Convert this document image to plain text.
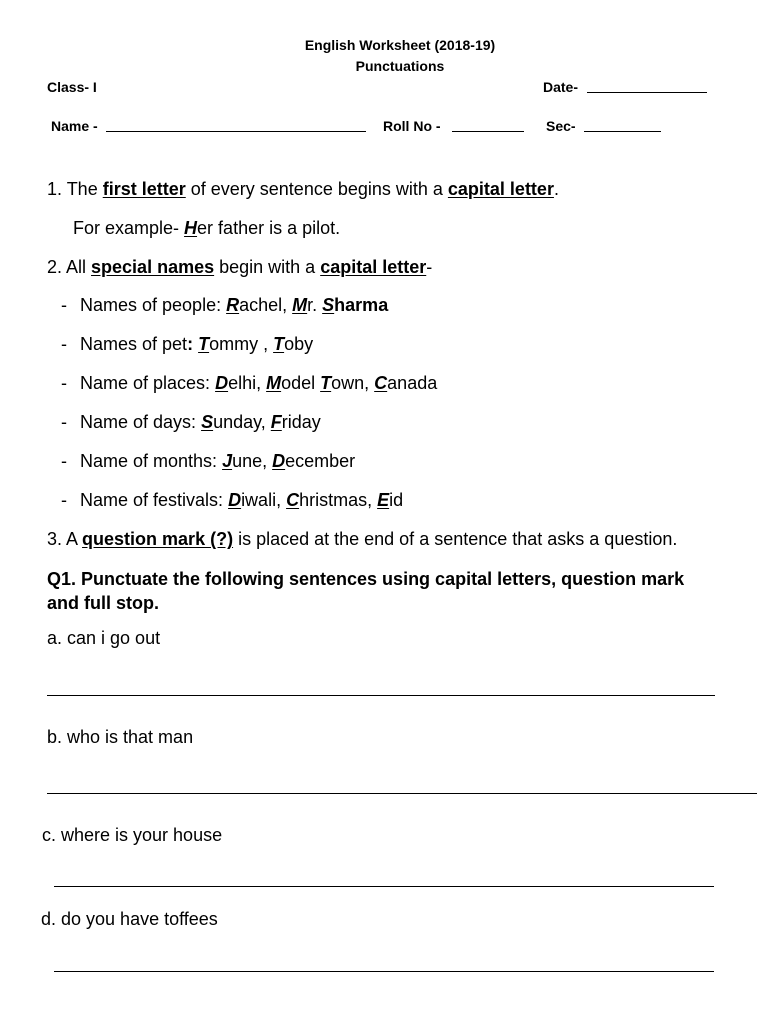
English Worksheet (2018-19)
Punctuations
Class- I	Date-
Name -	Roll No -	Sec-
1. The first letter of every sentence begins with a capital letter.
For example- Her father is a pilot.
2. All special names begin with a capital letter-
- Names of people: Rachel, Mr. Sharma
- Names of pet: Tommy , Toby
- Name of places: Delhi, Model Town, Canada
- Name of days: Sunday, Friday
- Name of months: June, December
- Name of festivals: Diwali, Christmas, Eid
3. A question mark (?) is placed at the end of a sentence that asks a question.
Q1. Punctuate the following sentences using capital letters, question mark
and full stop.
a. can i go out
b. who is that man
c. where is your house
d. do you have toffees
